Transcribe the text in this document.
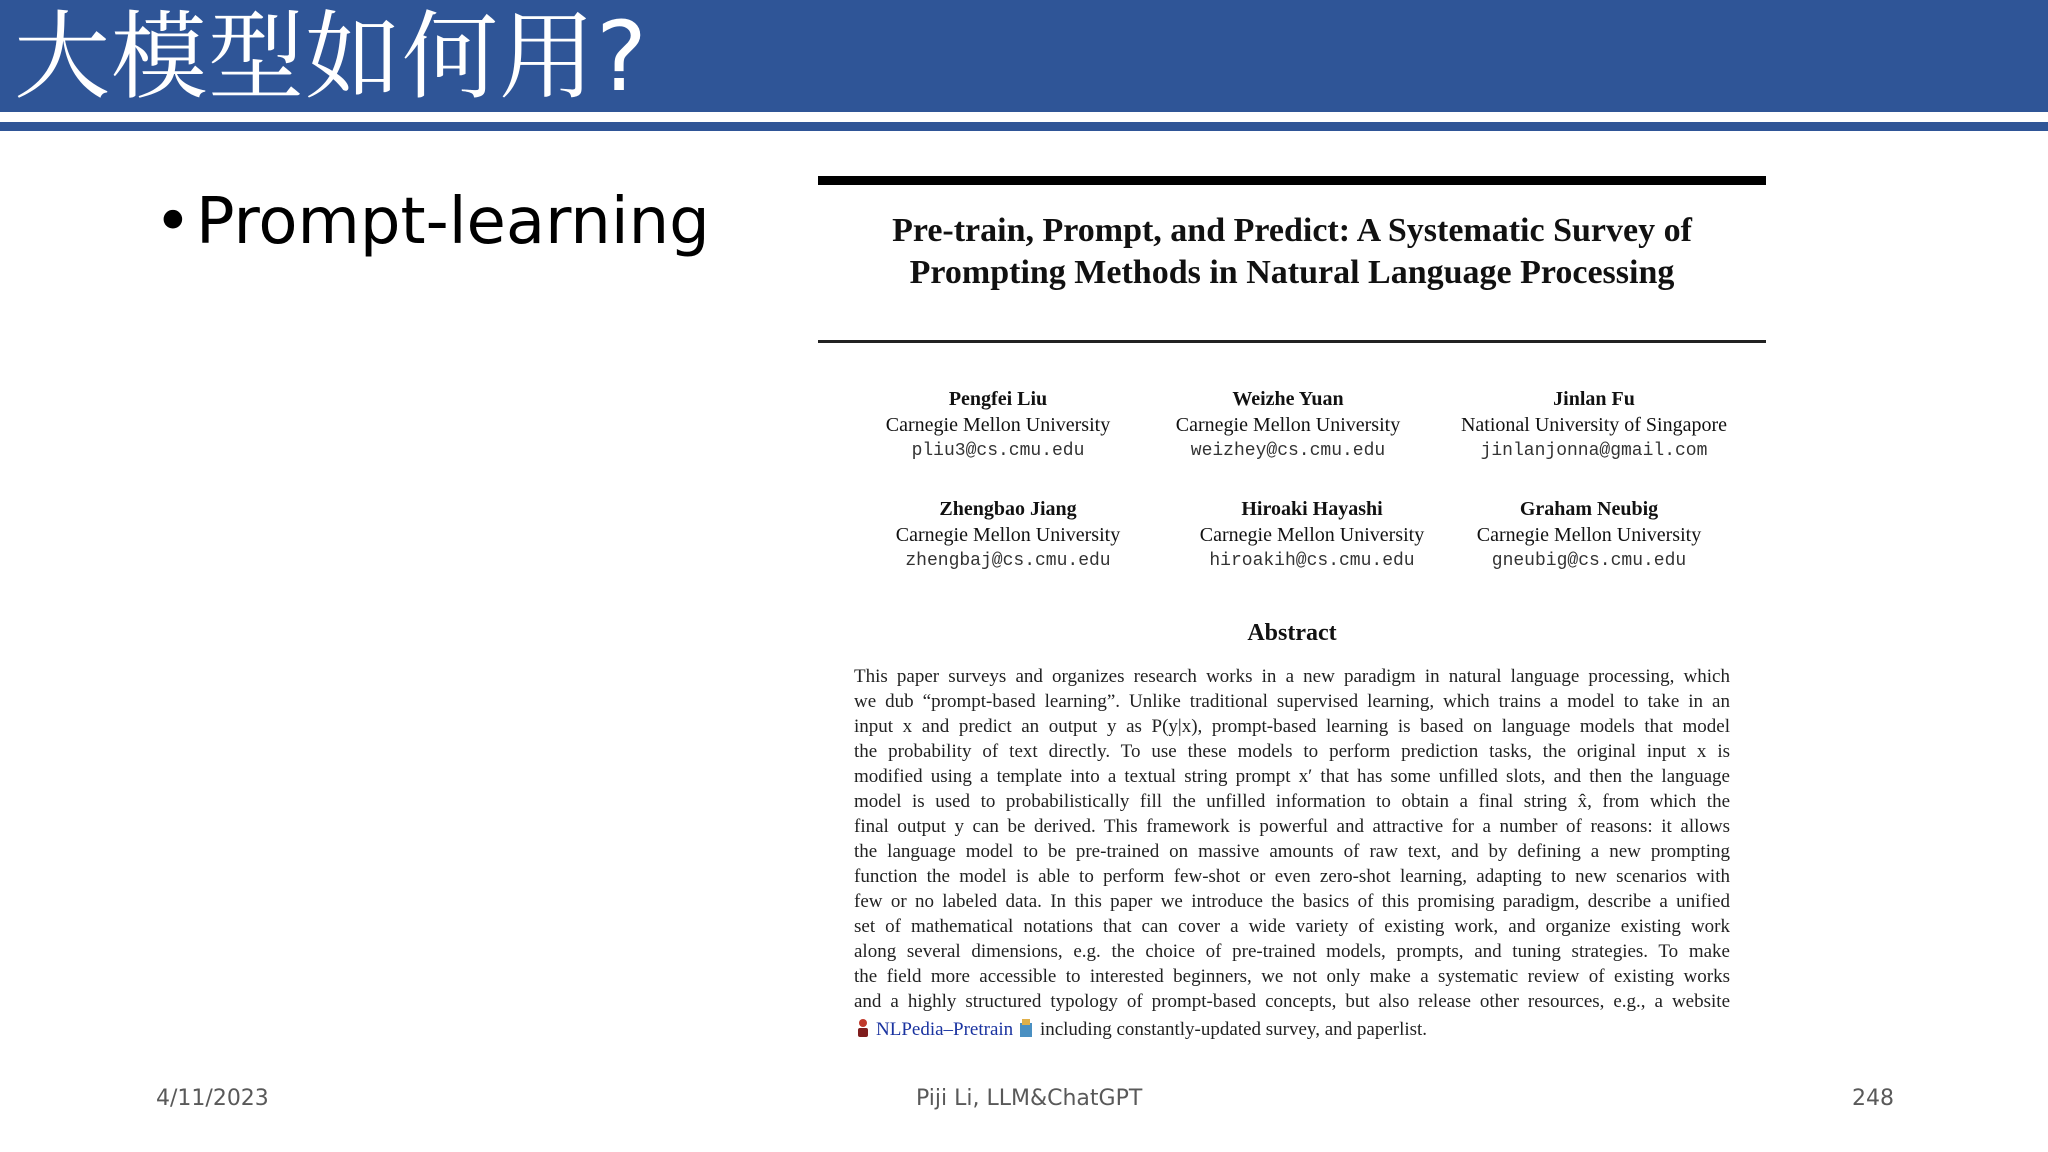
大模型如何用?
•Prompt-learning	Pre-train, Prompt, and Predict: A Systematic Survey of
Prompting Methods in Natural Language Processing
Pengfei Liu
Carnegie Mellon University
pliu3@cs.cmu.edu
Weizhe Yuan
Carnegie Mellon University
weizhey@cs.cmu.edu
Jinlan Fu
National University of Singapore
jinlanjonna@gmail.com
Zhengbao Jiang
Carnegie Mellon University
zhengbaj@cs.cmu.edu
Hiroaki Hayashi
Carnegie Mellon University
hiroakih@cs.cmu.edu
Graham Neubig
Carnegie Mellon University
gneubig@cs.cmu.edu
Abstract
This paper surveys and organizes research works in a new paradigm in natural language processing, which
we dub “prompt-based learning”. Unlike traditional supervised learning, which trains a model to take in an
input x and predict an output y as P(y|x), prompt-based learning is based on language models that model
the probability of text directly. To use these models to perform prediction tasks, the original input x is
modified using a template into a textual string prompt x′ that has some unfilled slots, and then the language
model is used to probabilistically fill the unfilled information to obtain a final string x̂, from which the
final output y can be derived. This framework is powerful and attractive for a number of reasons: it allows
the language model to be pre-trained on massive amounts of raw text, and by defining a new prompting
function the model is able to perform few-shot or even zero-shot learning, adapting to new scenarios with
few or no labeled data. In this paper we introduce the basics of this promising paradigm, describe a unified
set of mathematical notations that can cover a wide variety of existing work, and organize existing work
along several dimensions, e.g. the choice of pre-trained models, prompts, and tuning strategies. To make
the field more accessible to interested beginners, we not only make a systematic review of existing works
and a highly structured typology of prompt-based concepts, but also release other resources, e.g., a website
NLPedia–Pretrain including constantly-updated survey, and paperlist.
4/11/2023	Piji Li, LLM&ChatGPT	248
